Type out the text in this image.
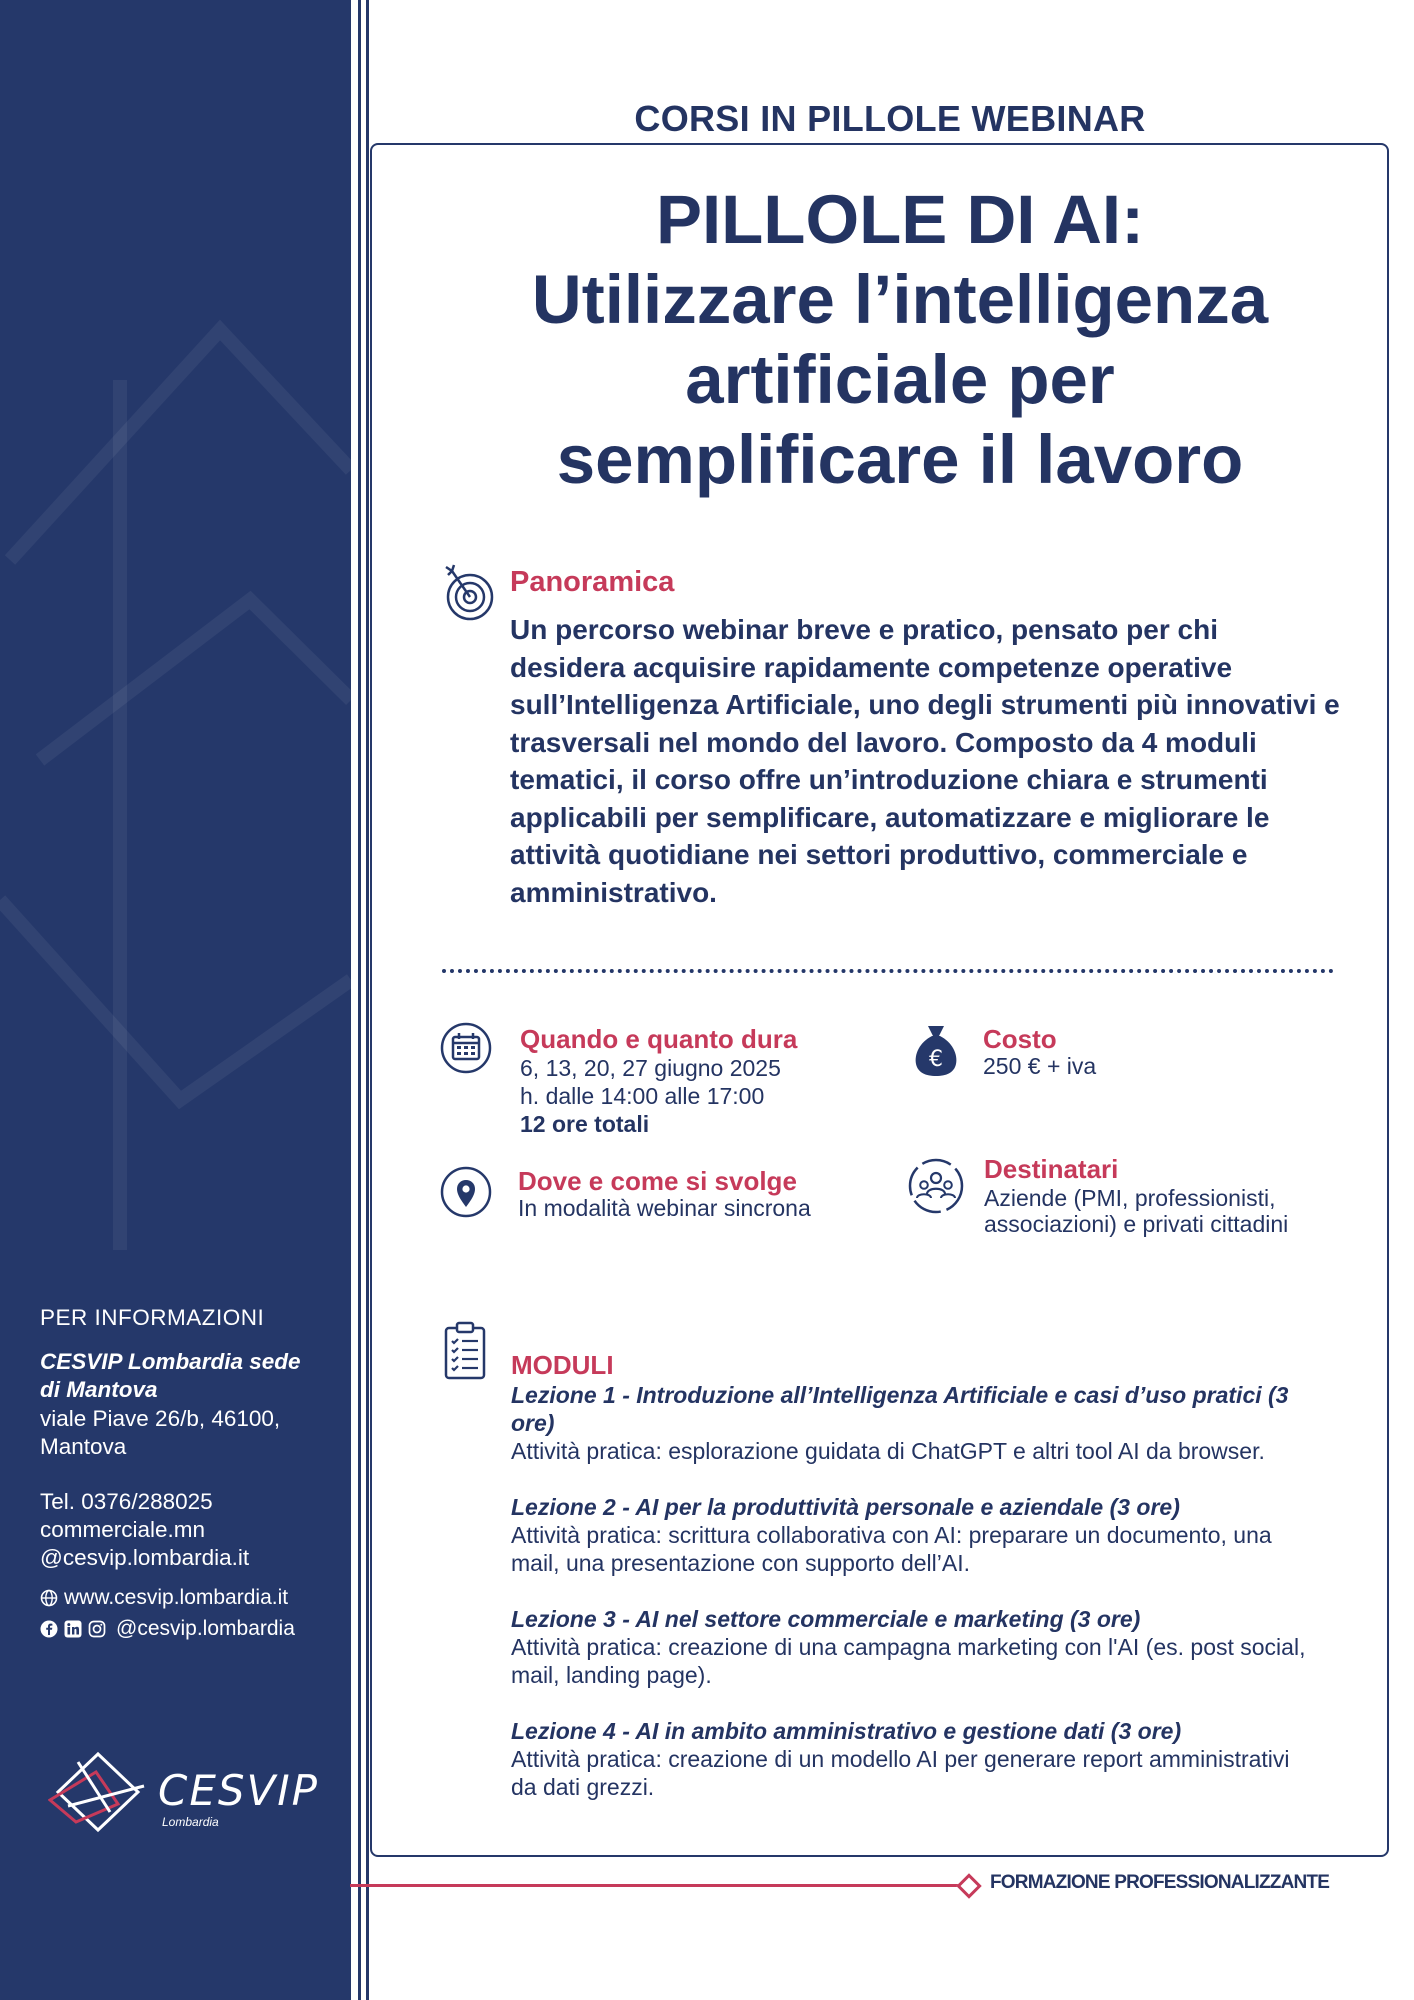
PER INFORMAZIONI
CESVIP Lombardia sede
di Mantova
viale Piave 26/b, 46100,
Mantova
Tel. 0376/288025
commerciale.mn
@cesvip.lombardia.it
www.cesvip.lombardia.it
@cesvip.lombardia
CESVIP
Lombardia
CORSI IN PILLOLE WEBINAR
PILLOLE DI AI:
Utilizzare l’intelligenza
artificiale per
semplificare il lavoro
Panoramica
Un percorso webinar breve e pratico, pensato per chi desidera acquisire rapidamente competenze operative sull’Intelligenza Artificiale, uno degli strumenti più innovativi e trasversali nel mondo del lavoro. Composto da 4 moduli tematici, il corso offre un’introduzione chiara e strumenti applicabili per semplificare, automatizzare e migliorare le attività quotidiane nei settori produttivo, commerciale e amministrativo.
Quando e quanto dura
6, 13, 20, 27 giugno 2025
h. dalle 14:00 alle 17:00
12 ore totali
€
Costo
250 € + iva
Dove e come si svolge
In modalità webinar sincrona
Destinatari
Aziende (PMI, professionisti,
associazioni) e privati cittadini
MODULI
Lezione 1 - Introduzione all’Intelligenza Artificiale e casi d’uso pratici (3 ore)
Attività pratica: esplorazione guidata di ChatGPT e altri tool AI da browser.
Lezione 2 - AI per la produttività personale e aziendale (3 ore)
Attività pratica: scrittura collaborativa con AI: preparare un documento, una mail, una presentazione con supporto dell’AI.
Lezione 3 - AI nel settore commerciale e marketing (3 ore)
Attività pratica: creazione di una campagna marketing con l'AI (es. post social, mail, landing page).
Lezione 4 - AI in ambito amministrativo e gestione dati (3 ore)
Attività pratica: creazione di un modello AI per generare report amministrativi da dati grezzi.
FORMAZIONE PROFESSIONALIZZANTE
